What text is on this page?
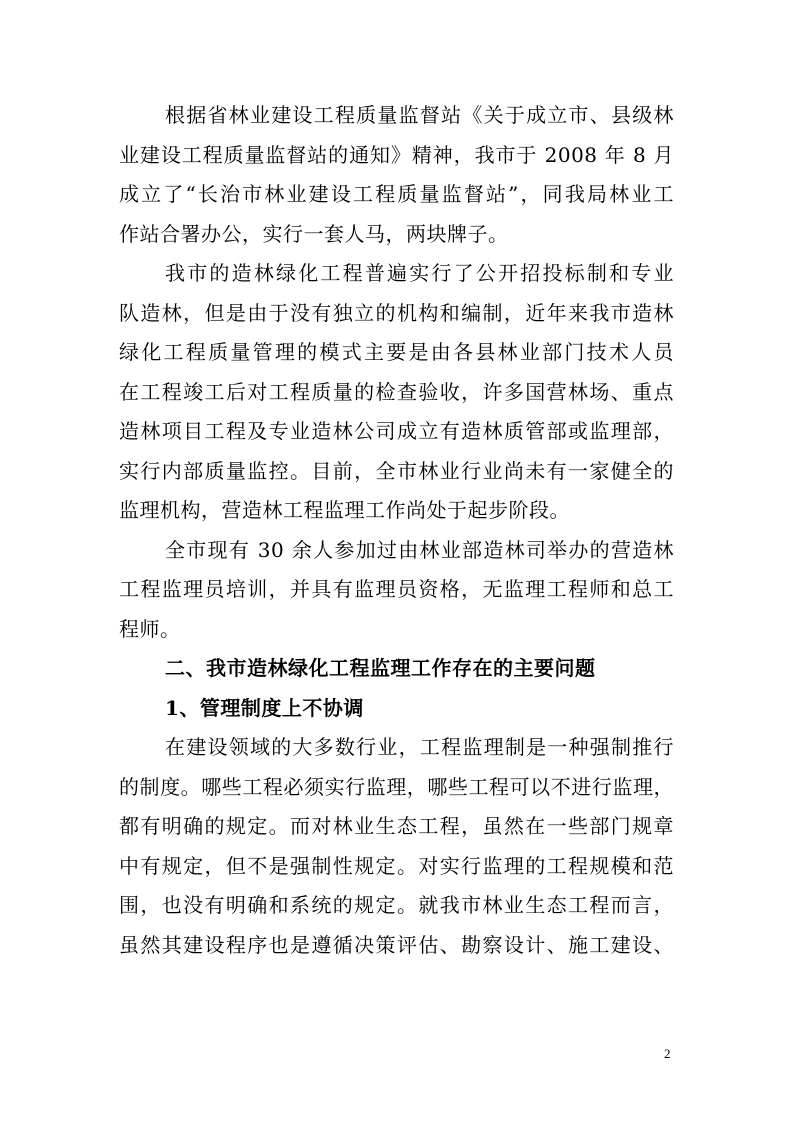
根据省林业建设工程质量监督站《关于成立市、县级林
业建设工程质量监督站的通知》精神，我市于 2008 年 8 月
成立了“长治市林业建设工程质量监督站”，同我局林业工
作站合署办公，实行一套人马，两块牌子。
我市的造林绿化工程普遍实行了公开招投标制和专业
队造林，但是由于没有独立的机构和编制，近年来我市造林
绿化工程质量管理的模式主要是由各县林业部门技术人员
在工程竣工后对工程质量的检查验收，许多国营林场、重点
造林项目工程及专业造林公司成立有造林质管部或监理部，
实行内部质量监控。目前，全市林业行业尚未有一家健全的
监理机构，营造林工程监理工作尚处于起步阶段。
全市现有 30 余人参加过由林业部造林司举办的营造林
工程监理员培训，并具有监理员资格，无监理工程师和总工
程师。
二、我市造林绿化工程监理工作存在的主要问题
1、管理制度上不协调
在建设领域的大多数行业，工程监理制是一种强制推行
的制度。哪些工程必须实行监理，哪些工程可以不进行监理，
都有明确的规定。而对林业生态工程，虽然在一些部门规章
中有规定，但不是强制性规定。对实行监理的工程规模和范
围，也没有明确和系统的规定。就我市林业生态工程而言，
虽然其建设程序也是遵循决策评估、勘察设计、施工建设、
2
